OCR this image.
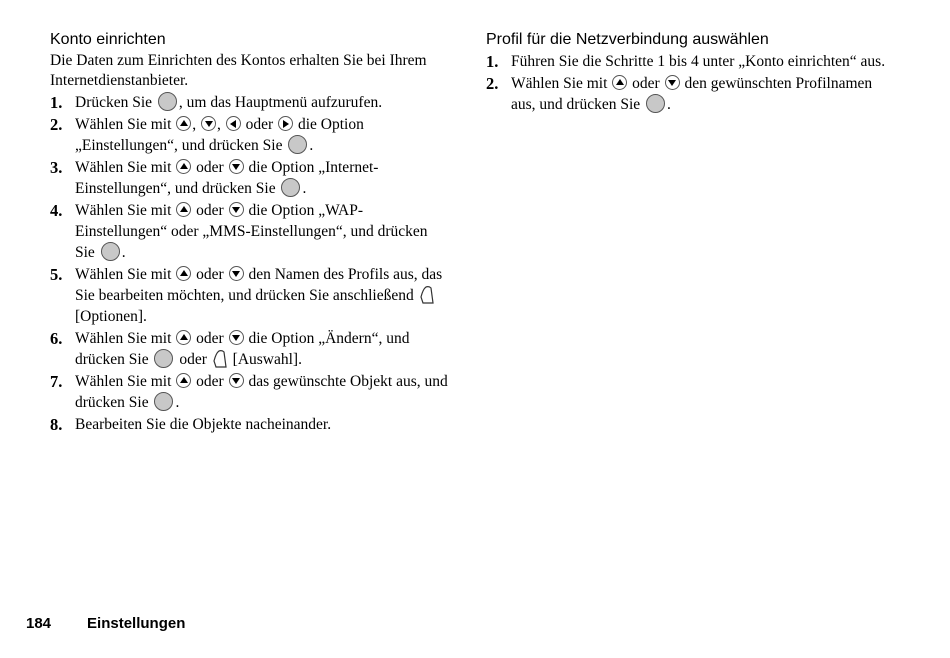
Konto einrichten
Die Daten zum Einrichten des Kontos erhalten Sie bei Ihrem Internetdienstanbieter.
1. Drücken Sie , um das Hauptmenü aufzurufen.
2. Wählen Sie mit , ,  oder  die Option „Einstellungen“, und drücken Sie .
3. Wählen Sie mit  oder  die Option „Internet-Einstellungen“, und drücken Sie .
4. Wählen Sie mit  oder  die Option „WAP-Einstellungen“ oder „MMS-Einstellungen“, und drücken Sie .
5. Wählen Sie mit  oder  den Namen des Profils aus, das Sie bearbeiten möchten, und drücken Sie anschließend  [Optionen].
6. Wählen Sie mit  oder  die Option „Ändern“, und drücken Sie  oder  [Auswahl].
7. Wählen Sie mit  oder  das gewünschte Objekt aus, und drücken Sie .
8. Bearbeiten Sie die Objekte nacheinander.
Profil für die Netzverbindung auswählen
1. Führen Sie die Schritte 1 bis 4 unter „Konto einrichten“ aus.
2. Wählen Sie mit  oder  den gewünschten Profilnamen aus, und drücken Sie .
184 Einstellungen
